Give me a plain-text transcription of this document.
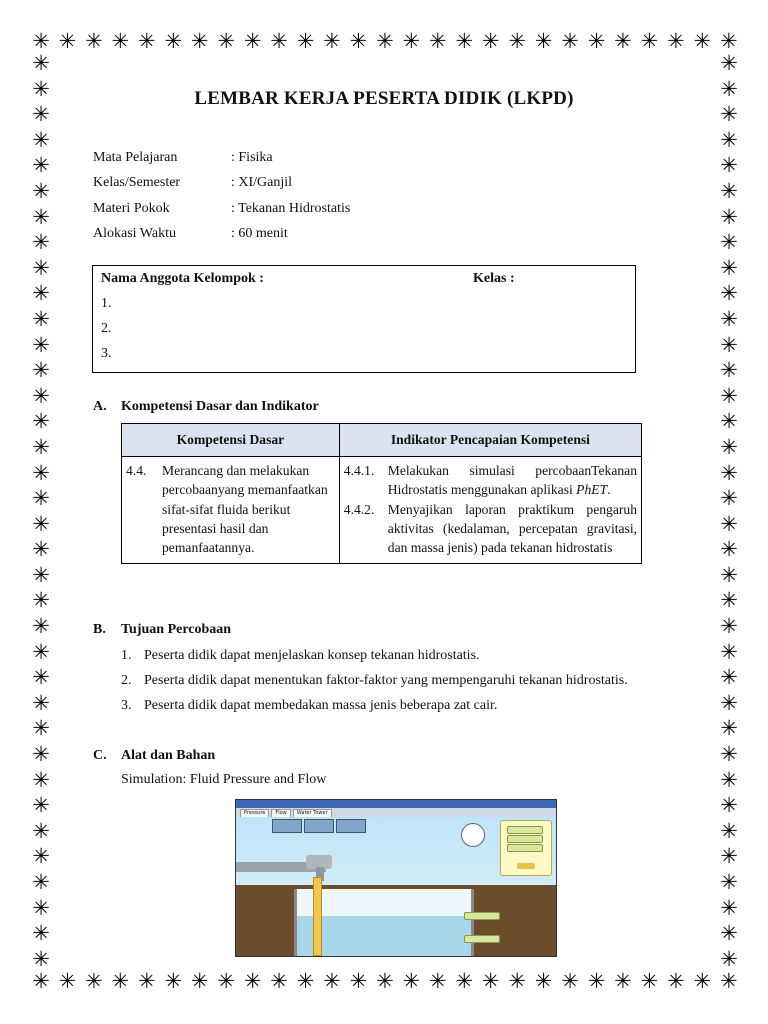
✳ ✳ ✳ ✳ ✳ ✳ ✳ ✳ ✳ ✳ ✳ ✳ ✳ ✳ ✳ ✳ ✳ ✳ ✳ ✳ ✳ ✳ ✳ ✳ ✳ ✳ ✳
✳ ✳ ✳ ✳ ✳ ✳ ✳ ✳ ✳ ✳ ✳ ✳ ✳ ✳ ✳ ✳ ✳ ✳ ✳ ✳ ✳ ✳ ✳ ✳ ✳ ✳ ✳
✳
✳
✳
✳
✳
✳
✳
✳
✳
✳
✳
✳
✳
✳
✳
✳
✳
✳
✳
✳
✳
✳
✳
✳
✳
✳
✳
✳
✳
✳
✳
✳
✳
✳
✳
✳
✳
✳
✳
✳
✳
✳
✳
✳
✳
✳
✳
✳
✳
✳
✳
✳
✳
✳
✳
✳
✳
✳
✳
✳
✳
✳
✳
✳
✳
✳
✳
✳
✳
✳
✳
✳
LEMBAR KERJA PESERTA DIDIK (LKPD)
Mata Pelajaran	: Fisika
Kelas/Semester	: XI/Ganjil
Materi Pokok	: Tekanan Hidrostatis
Alokasi Waktu	: 60 menit
Nama Anggota Kelompok :	Kelas :
1.
2.
3.
A.	Kompetensi Dasar dan Indikator
Kompetensi Dasar	Indikator Pencapaian Kompetensi
4.4. Merancang dan melakukan percobaanyang memanfaatkan sifat-sifat fluida berikut presentasi hasil dan pemanfaatannya.	4.4.1. Melakukan simulasi percobaanTekanan Hidrostatis menggunakan aplikasi PhET.
4.4.2. Menyajikan laporan praktikum pengaruh aktivitas (kedalaman, percepatan gravitasi, dan massa jenis) pada tekanan hidrostatis
B.	Tujuan Percobaan
1. Peserta didik dapat menjelaskan konsep tekanan hidrostatis.
2. Peserta didik dapat menentukan faktor-faktor yang mempengaruhi tekanan hidrostatis.
3. Peserta didik dapat membedakan massa jenis beberapa zat cair.
C.	Alat dan Bahan
Simulation: Fluid Pressure and Flow
Pressure	Flow	Water Tower
